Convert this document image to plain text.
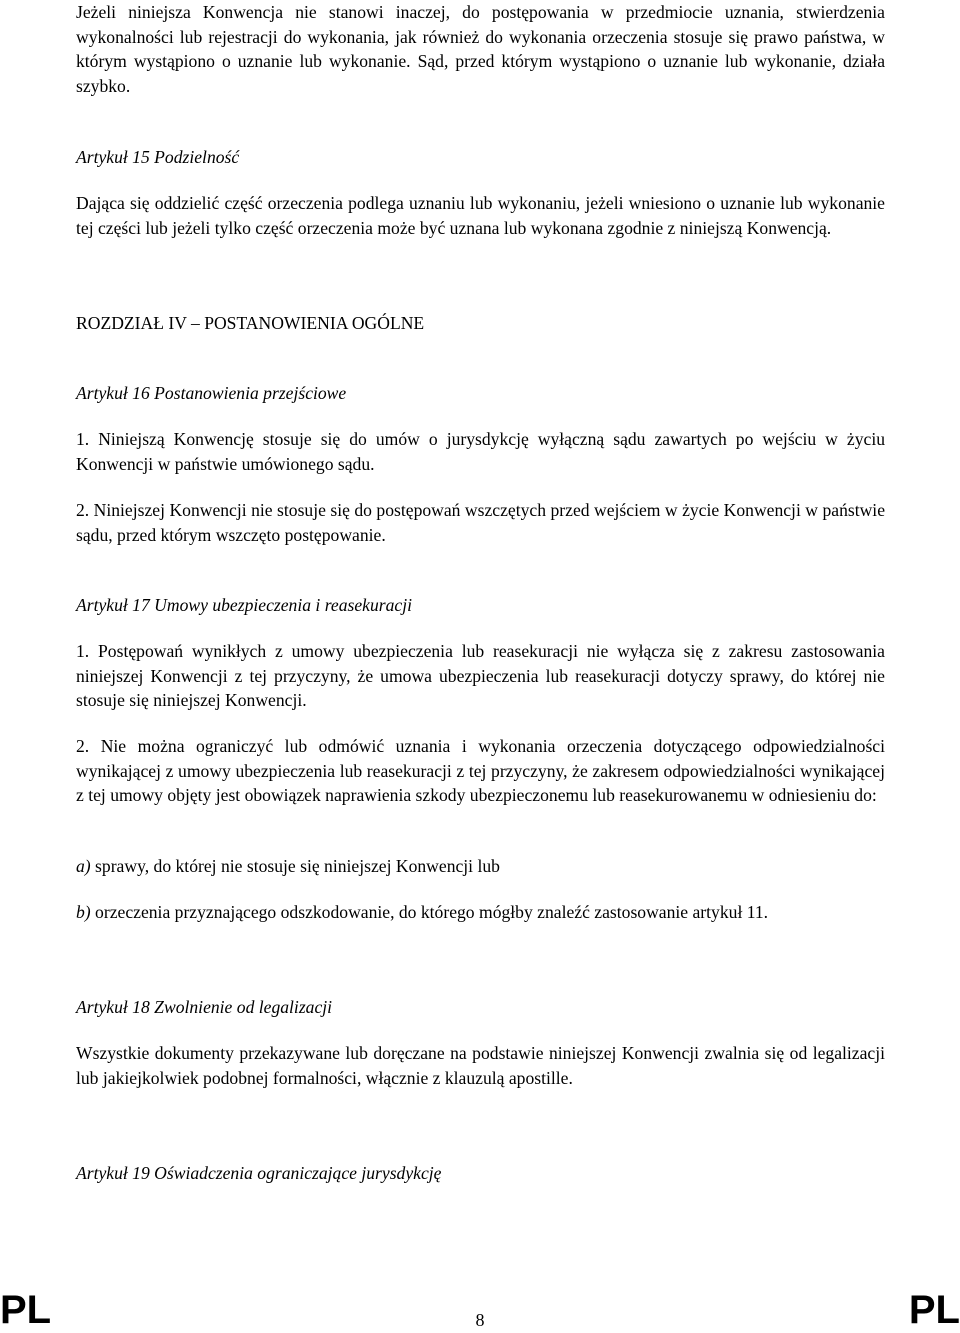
Jeżeli niniejsza Konwencja nie stanowi inaczej, do postępowania w przedmiocie uznania, stwierdzenia wykonalności lub rejestracji do wykonania, jak również do wykonania orzeczenia stosuje się prawo państwa, w którym wystąpiono o uznanie lub wykonanie. Sąd, przed którym wystąpiono o uznanie lub wykonanie, działa szybko.

Artykuł 15 Podzielność

Dająca się oddzielić część orzeczenia podlega uznaniu lub wykonaniu, jeżeli wniesiono o uznanie lub wykonanie tej części lub jeżeli tylko część orzeczenia może być uznana lub wykonana zgodnie z niniejszą Konwencją.

ROZDZIAŁ IV – POSTANOWIENIA OGÓLNE

Artykuł 16 Postanowienia przejściowe

1. Niniejszą Konwencję stosuje się do umów o jurysdykcję wyłączną sądu zawartych po wejściu w życiu Konwencji w państwie umówionego sądu.

2. Niniejszej Konwencji nie stosuje się do postępowań wszczętych przed wejściem w życie Konwencji w państwie sądu, przed którym wszczęto postępowanie.

Artykuł 17 Umowy ubezpieczenia i reasekuracji

1. Postępowań wynikłych z umowy ubezpieczenia lub reasekuracji nie wyłącza się z zakresu zastosowania niniejszej Konwencji z tej przyczyny, że umowa ubezpieczenia lub reasekuracji dotyczy sprawy, do której nie stosuje się niniejszej Konwencji.

2. Nie można ograniczyć lub odmówić uznania i wykonania orzeczenia dotyczącego odpowiedzialności wynikającej z umowy ubezpieczenia lub reasekuracji z tej przyczyny, że zakresem odpowiedzialności wynikającej z tej umowy objęty jest obowiązek naprawienia szkody ubezpieczonemu lub reasekurowanemu w odniesieniu do:

a) sprawy, do której nie stosuje się niniejszej Konwencji lub

b) orzeczenia przyznającego odszkodowanie, do którego mógłby znaleźć zastosowanie artykuł 11.

Artykuł 18 Zwolnienie od legalizacji

Wszystkie dokumenty przekazywane lub doręczane na podstawie niniejszej Konwencji zwalnia się od legalizacji lub jakiejkolwiek podobnej formalności, włącznie z klauzulą apostille.

Artykuł 19 Oświadczenia ograniczające jurysdykcję

PL	8	PL
